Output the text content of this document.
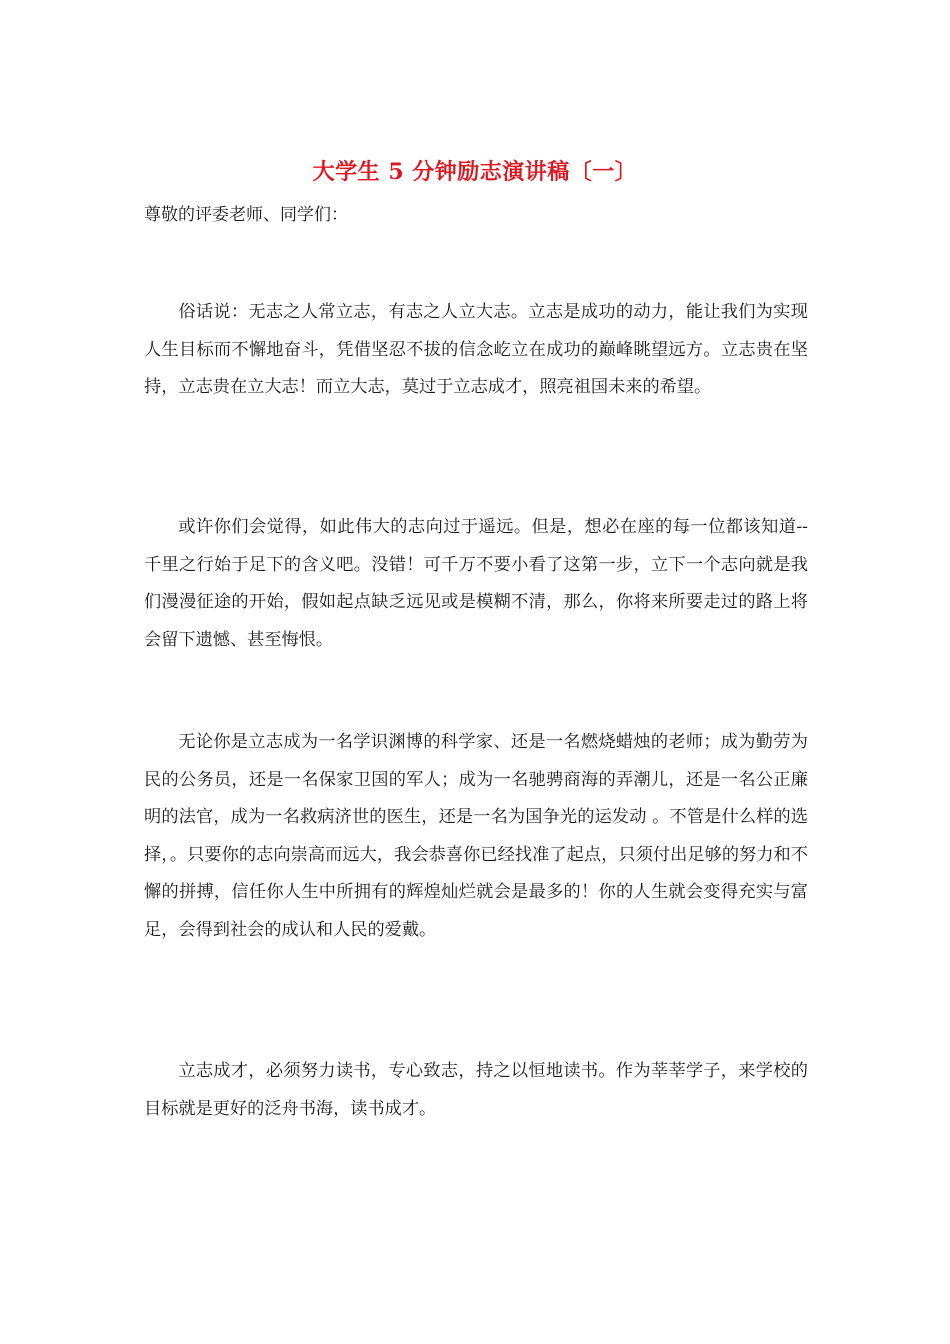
大学生 5 分钟励志演讲稿〔一〕

尊敬的评委老师、同学们：

俗话说：无志之人常立志，有志之人立大志。立志是成功的动力，能让我们为实现人生目标而不懈地奋斗，凭借坚忍不拔的信念屹立在成功的巅峰眺望远方。立志贵在坚持，立志贵在立大志！而立大志，莫过于立志成才，照亮祖国未来的希望。

或许你们会觉得，如此伟大的志向过于遥远。但是，想必在座的每一位都该知道--千里之行始于足下的含义吧。没错！可千万不要小看了这第一步，立下一个志向就是我们漫漫征途的开始，假如起点缺乏远见或是模糊不清，那么，你将来所要走过的路上将会留下遗憾、甚至悔恨。

无论你是立志成为一名学识渊博的科学家、还是一名燃烧蜡烛的老师；成为勤劳为民的公务员，还是一名保家卫国的军人；成为一名驰骋商海的弄潮儿，还是一名公正廉明的法官，成为一名救病济世的医生，还是一名为国争光的运发动 。不管是什么样的选择，。只要你的志向崇高而远大，我会恭喜你已经找准了起点，只须付出足够的努力和不懈的拼搏，信任你人生中所拥有的辉煌灿烂就会是最多的！你的人生就会变得充实与富足，会得到社会的成认和人民的爱戴。

立志成才，必须努力读书，专心致志，持之以恒地读书。作为莘莘学子，来学校的目标就是更好的泛舟书海，读书成才。
